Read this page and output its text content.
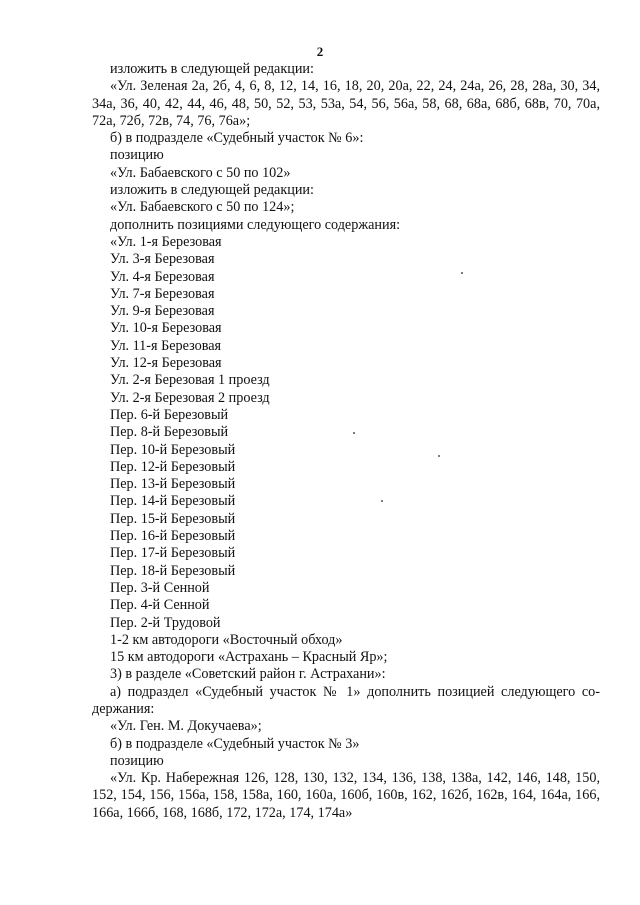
2
изложить в следующей редакции:
«Ул. Зеленая 2а, 2б, 4, 6, 8, 12, 14, 16, 18, 20, 20а, 22, 24, 24а, 26, 28, 28а, 30, 34,
34а, 36, 40, 42, 44, 46, 48, 50, 52, 53, 53а, 54, 56, 56а, 58, 68, 68а, 68б, 68в, 70, 70а,
72а, 72б, 72в, 74, 76, 76а»;
б) в подразделе «Судебный участок № 6»:
позицию
«Ул. Бабаевского с 50 по 102»
изложить в следующей редакции:
«Ул. Бабаевского с 50 по 124»;
дополнить позициями следующего содержания:
«Ул. 1-я Березовая
Ул. 3-я Березовая
Ул. 4-я Березовая
Ул. 7-я Березовая
Ул. 9-я Березовая
Ул. 10-я Березовая
Ул. 11-я Березовая
Ул. 12-я Березовая
Ул. 2-я Березовая 1 проезд
Ул. 2-я Березовая 2 проезд
Пер. 6-й Березовый
Пер. 8-й Березовый
Пер. 10-й Березовый
Пер. 12-й Березовый
Пер. 13-й Березовый
Пер. 14-й Березовый
Пер. 15-й Березовый
Пер. 16-й Березовый
Пер. 17-й Березовый
Пер. 18-й Березовый
Пер. 3-й Сенной
Пер. 4-й Сенной
Пер. 2-й Трудовой
1-2 км автодороги «Восточный обход»
15 км автодороги «Астрахань – Красный Яр»;
3) в разделе «Советский район г. Астрахани»:
а) подраздел «Судебный участок № 1» дополнить позицией следующего со-
держания:
«Ул. Ген. М. Докучаева»;
б) в подразделе «Судебный участок № 3»
позицию
«Ул. Кр. Набережная 126, 128, 130, 132, 134, 136, 138, 138а, 142, 146, 148, 150,
152, 154, 156, 156а, 158, 158а, 160, 160а, 160б, 160в, 162, 162б, 162в, 164, 164а, 166,
166а, 166б, 168, 168б, 172, 172а, 174, 174а»
